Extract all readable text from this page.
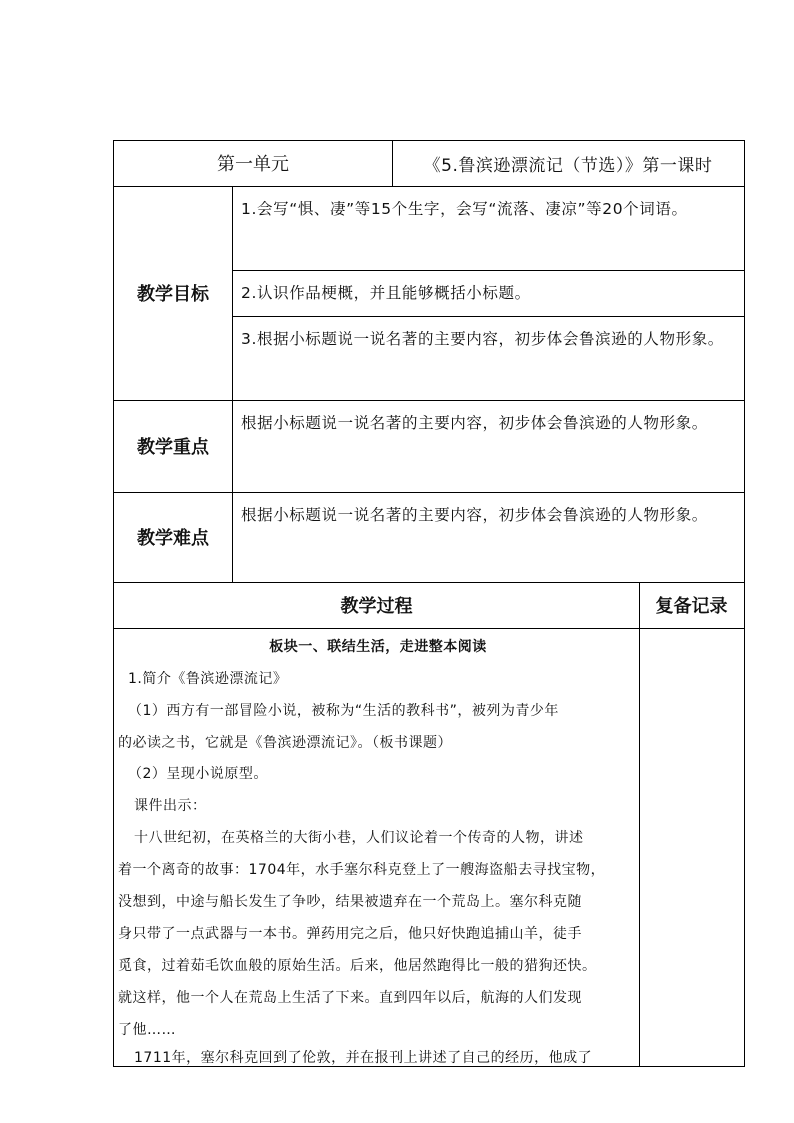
第一单元	《5.鲁滨逊漂流记（节选）》第一课时
教学目标
1.会写“惧、凄”等15个生字，会写“流落、凄凉”等20个词语。
2.认识作品梗概，并且能够概括小标题。
3.根据小标题说一说名著的主要内容，初步体会鲁滨逊的人物形象。
教学重点
根据小标题说一说名著的主要内容，初步体会鲁滨逊的人物形象。
教学难点
根据小标题说一说名著的主要内容，初步体会鲁滨逊的人物形象。
教学过程	复备记录
板块一、联结生活，走进整本阅读
1.简介《鲁滨逊漂流记》
（1）西方有一部冒险小说，被称为“生活的教科书”，被列为青少年
的必读之书，它就是《鲁滨逊漂流记》。（板书课题）
（2）呈现小说原型。
课件出示：
十八世纪初，在英格兰的大街小巷，人们议论着一个传奇的人物，讲述
着一个离奇的故事：1704年，水手塞尔科克登上了一艘海盗船去寻找宝物，
没想到，中途与船长发生了争吵，结果被遗弃在一个荒岛上。塞尔科克随
身只带了一点武器与一本书。弹药用完之后，他只好快跑追捕山羊，徒手
觅食，过着茹毛饮血般的原始生活。后来，他居然跑得比一般的猎狗还快。
就这样，他一个人在荒岛上生活了下来。直到四年以后，航海的人们发现
了他……
1711年，塞尔科克回到了伦敦，并在报刊上讲述了自己的经历，他成了
